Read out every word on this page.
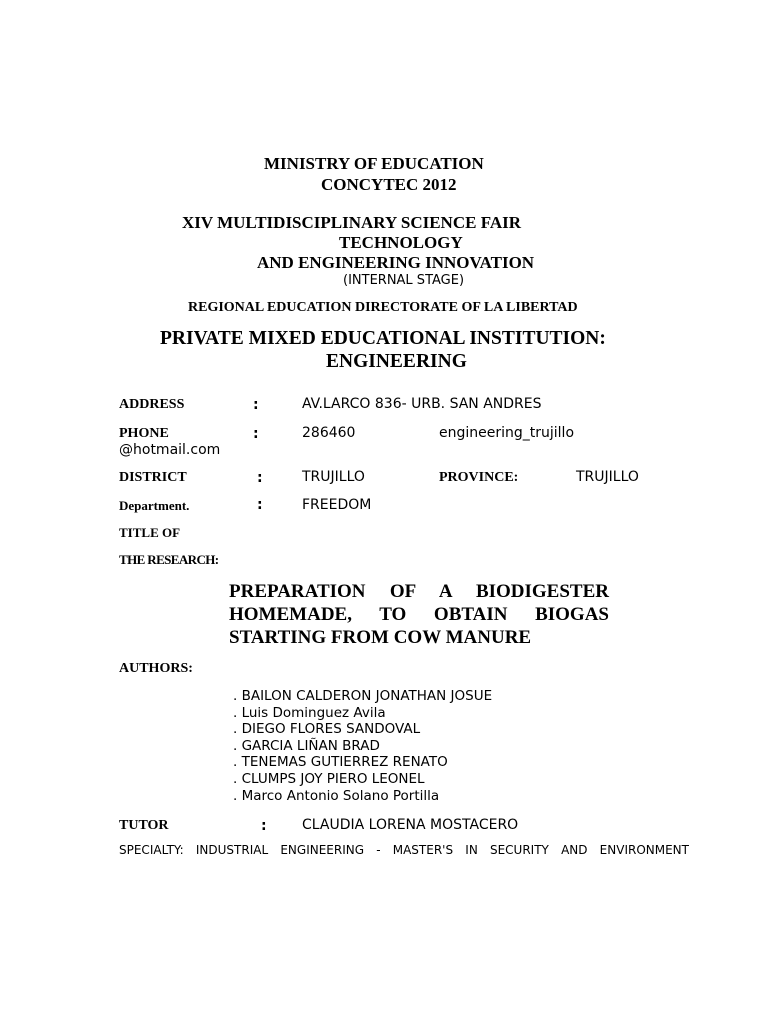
MINISTRY OF EDUCATION
CONCYTEC 2012
XIV MULTIDISCIPLINARY SCIENCE FAIR
TECHNOLOGY
AND ENGINEERING INNOVATION
(INTERNAL STAGE)
REGIONAL EDUCATION DIRECTORATE OF LA LIBERTAD
PRIVATE MIXED EDUCATIONAL INSTITUTION:
ENGINEERING
ADDRESS	:	AV.LARCO 836- URB. SAN ANDRES
PHONE	:	286460	engineering_trujillo
@hotmail.com
DISTRICT	:	TRUJILLO	PROVINCE:	TRUJILLO
Department.	:	FREEDOM
TITLE OF
THE RESEARCH:
PREPARATION OF A BIODIGESTER
HOMEMADE, TO OBTAIN BIOGAS
STARTING FROM COW MANURE
AUTHORS:
. BAILON CALDERON JONATHAN JOSUE
. Luis Dominguez Avila
. DIEGO FLORES SANDOVAL
. GARCIA LIÑAN BRAD
. TENEMAS GUTIERREZ RENATO
. CLUMPS JOY PIERO LEONEL
. Marco Antonio Solano Portilla
TUTOR	:	CLAUDIA LORENA MOSTACERO
SPECIALTY: INDUSTRIAL ENGINEERING - MASTER'S IN SECURITY AND ENVIRONMENT
